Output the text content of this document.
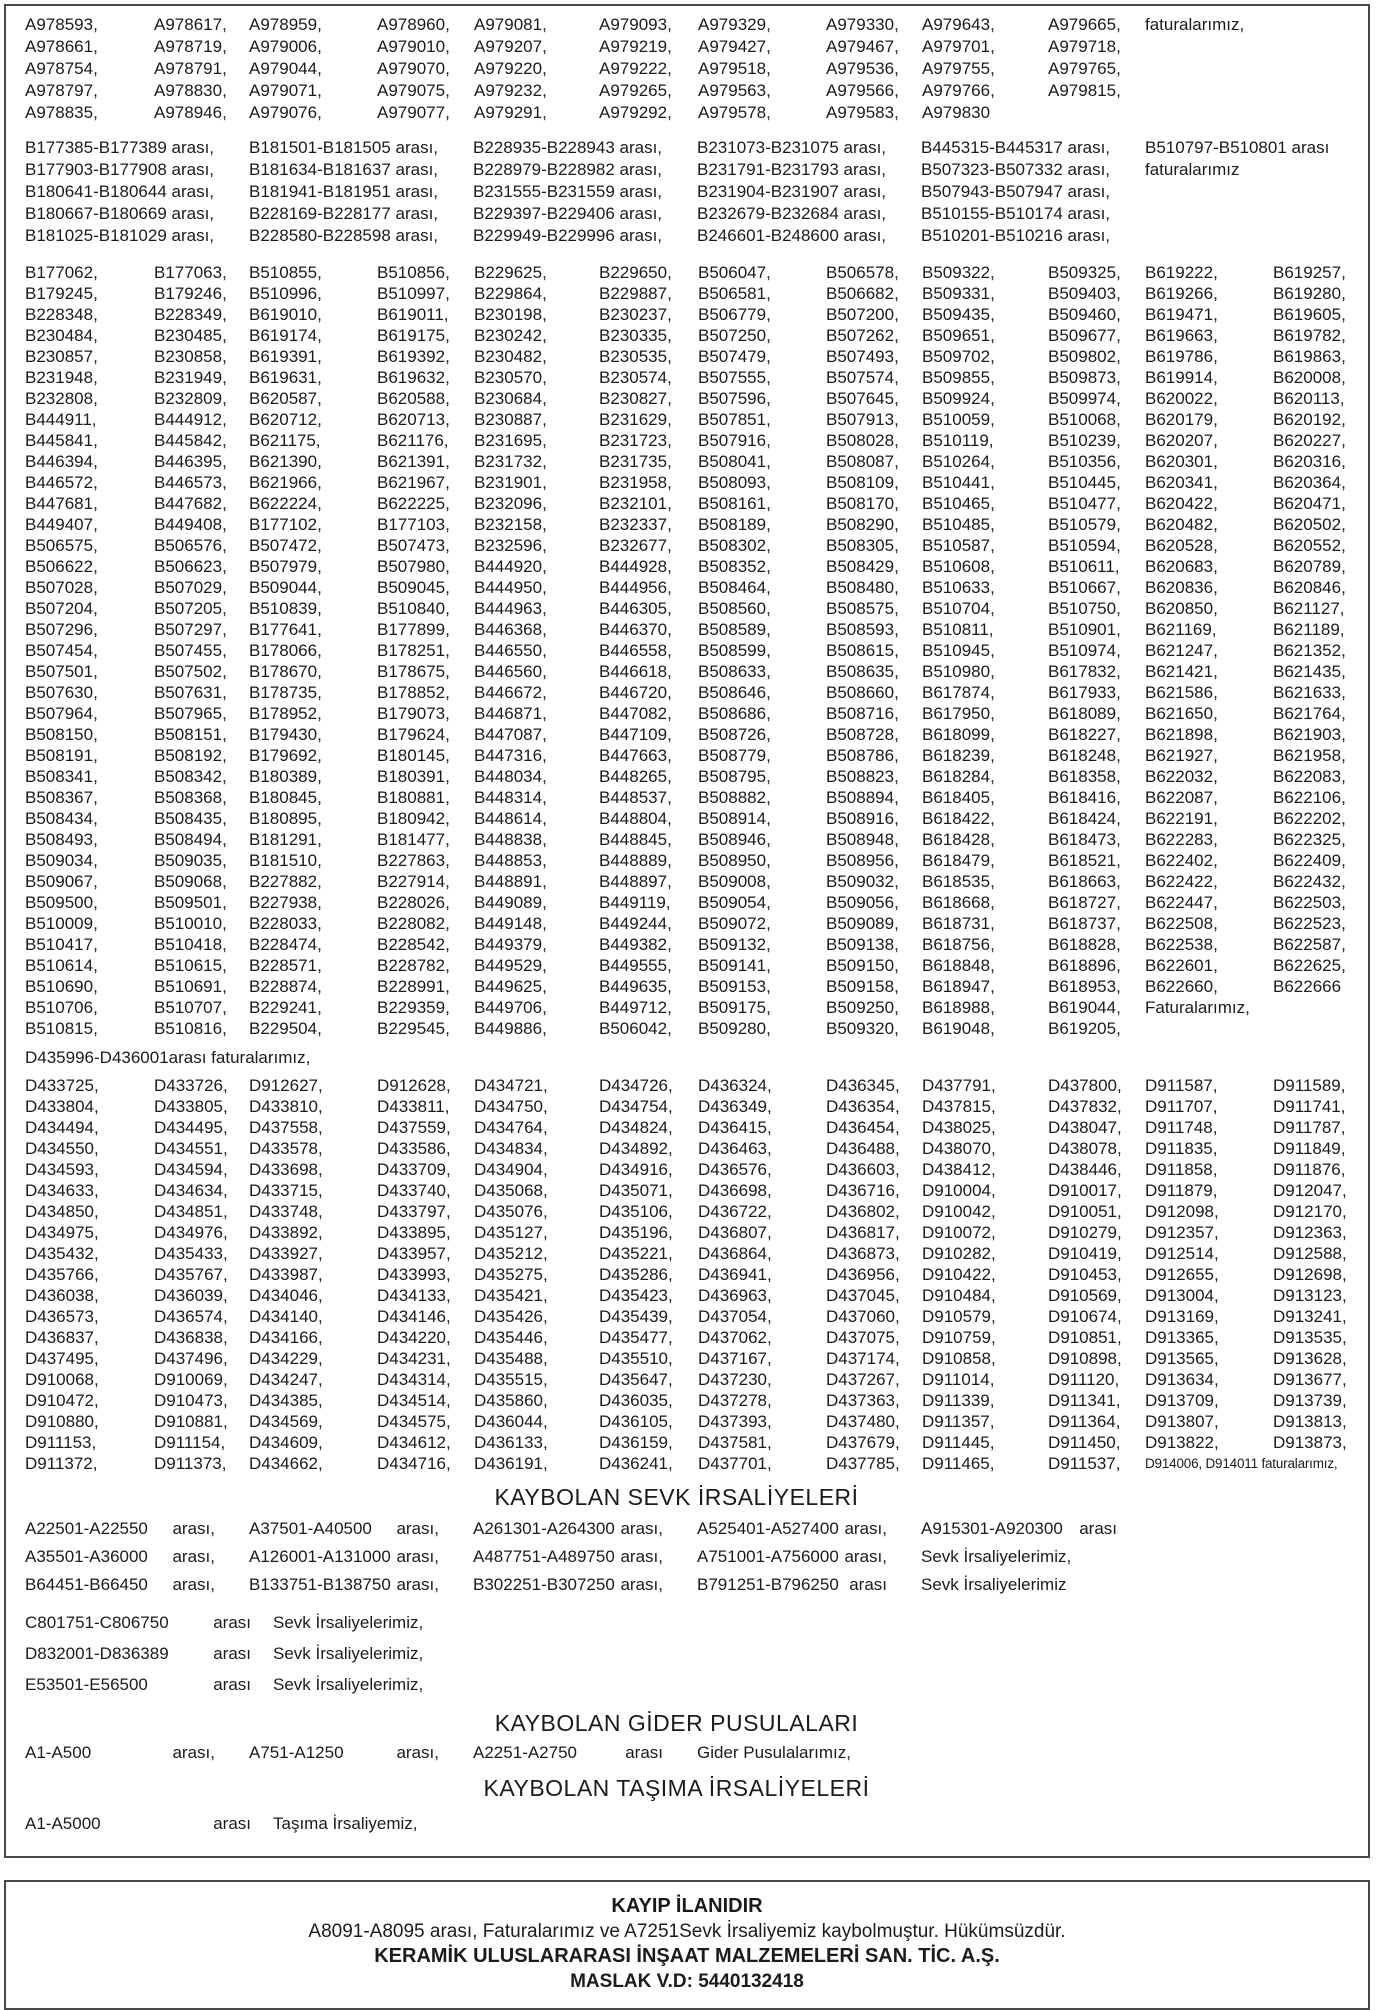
A978593,	A978617,	A978959,	A978960,	A979081,	A979093,	A979329,	A979330,	A979643,	A979665,	faturalarımız,
A978661,	A978719,	A979006,	A979010,	A979207,	A979219,	A979427,	A979467,	A979701,	A979718,
A978754,	A978791,	A979044,	A979070,	A979220,	A979222,	A979518,	A979536,	A979755,	A979765,
A978797,	A978830,	A979071,	A979075,	A979232,	A979265,	A979563,	A979566,	A979766,	A979815,
A978835,	A978946,	A979076,	A979077,	A979291,	A979292,	A979578,	A979583,	A979830
B177385-B177389 arası,	B181501-B181505 arası,	B228935-B228943 arası,	B231073-B231075 arası,	B445315-B445317 arası,	B510797-B510801 arası
B177903-B177908 arası,	B181634-B181637 arası,	B228979-B228982 arası,	B231791-B231793 arası,	B507323-B507332 arası,	faturalarımız
B180641-B180644 arası,	B181941-B181951 arası,	B231555-B231559 arası,	B231904-B231907 arası,	B507943-B507947 arası,
B180667-B180669 arası,	B228169-B228177 arası,	B229397-B229406 arası,	B232679-B232684 arası,	B510155-B510174 arası,
B181025-B181029 arası,	B228580-B228598 arası,	B229949-B229996 arası,	B246601-B248600 arası,	B510201-B510216 arası,
B177062,	B177063,	B510855,	B510856,	B229625,	B229650,	B506047,	B506578,	B509322,	B509325,	B619222,	B619257,
B179245,	B179246,	B510996,	B510997,	B229864,	B229887,	B506581,	B506682,	B509331,	B509403,	B619266,	B619280,
B228348,	B228349,	B619010,	B619011,	B230198,	B230237,	B506779,	B507200,	B509435,	B509460,	B619471,	B619605,
B230484,	B230485,	B619174,	B619175,	B230242,	B230335,	B507250,	B507262,	B509651,	B509677,	B619663,	B619782,
B230857,	B230858,	B619391,	B619392,	B230482,	B230535,	B507479,	B507493,	B509702,	B509802,	B619786,	B619863,
B231948,	B231949,	B619631,	B619632,	B230570,	B230574,	B507555,	B507574,	B509855,	B509873,	B619914,	B620008,
B232808,	B232809,	B620587,	B620588,	B230684,	B230827,	B507596,	B507645,	B509924,	B509974,	B620022,	B620113,
B444911,	B444912,	B620712,	B620713,	B230887,	B231629,	B507851,	B507913,	B510059,	B510068,	B620179,	B620192,
B445841,	B445842,	B621175,	B621176,	B231695,	B231723,	B507916,	B508028,	B510119,	B510239,	B620207,	B620227,
B446394,	B446395,	B621390,	B621391,	B231732,	B231735,	B508041,	B508087,	B510264,	B510356,	B620301,	B620316,
B446572,	B446573,	B621966,	B621967,	B231901,	B231958,	B508093,	B508109,	B510441,	B510445,	B620341,	B620364,
B447681,	B447682,	B622224,	B622225,	B232096,	B232101,	B508161,	B508170,	B510465,	B510477,	B620422,	B620471,
B449407,	B449408,	B177102,	B177103,	B232158,	B232337,	B508189,	B508290,	B510485,	B510579,	B620482,	B620502,
B506575,	B506576,	B507472,	B507473,	B232596,	B232677,	B508302,	B508305,	B510587,	B510594,	B620528,	B620552,
B506622,	B506623,	B507979,	B507980,	B444920,	B444928,	B508352,	B508429,	B510608,	B510611,	B620683,	B620789,
B507028,	B507029,	B509044,	B509045,	B444950,	B444956,	B508464,	B508480,	B510633,	B510667,	B620836,	B620846,
B507204,	B507205,	B510839,	B510840,	B444963,	B446305,	B508560,	B508575,	B510704,	B510750,	B620850,	B621127,
B507296,	B507297,	B177641,	B177899,	B446368,	B446370,	B508589,	B508593,	B510811,	B510901,	B621169,	B621189,
B507454,	B507455,	B178066,	B178251,	B446550,	B446558,	B508599,	B508615,	B510945,	B510974,	B621247,	B621352,
B507501,	B507502,	B178670,	B178675,	B446560,	B446618,	B508633,	B508635,	B510980,	B617832,	B621421,	B621435,
B507630,	B507631,	B178735,	B178852,	B446672,	B446720,	B508646,	B508660,	B617874,	B617933,	B621586,	B621633,
B507964,	B507965,	B178952,	B179073,	B446871,	B447082,	B508686,	B508716,	B617950,	B618089,	B621650,	B621764,
B508150,	B508151,	B179430,	B179624,	B447087,	B447109,	B508726,	B508728,	B618099,	B618227,	B621898,	B621903,
B508191,	B508192,	B179692,	B180145,	B447316,	B447663,	B508779,	B508786,	B618239,	B618248,	B621927,	B621958,
B508341,	B508342,	B180389,	B180391,	B448034,	B448265,	B508795,	B508823,	B618284,	B618358,	B622032,	B622083,
B508367,	B508368,	B180845,	B180881,	B448314,	B448537,	B508882,	B508894,	B618405,	B618416,	B622087,	B622106,
B508434,	B508435,	B180895,	B180942,	B448614,	B448804,	B508914,	B508916,	B618422,	B618424,	B622191,	B622202,
B508493,	B508494,	B181291,	B181477,	B448838,	B448845,	B508946,	B508948,	B618428,	B618473,	B622283,	B622325,
B509034,	B509035,	B181510,	B227863,	B448853,	B448889,	B508950,	B508956,	B618479,	B618521,	B622402,	B622409,
B509067,	B509068,	B227882,	B227914,	B448891,	B448897,	B509008,	B509032,	B618535,	B618663,	B622422,	B622432,
B509500,	B509501,	B227938,	B228026,	B449089,	B449119,	B509054,	B509056,	B618668,	B618727,	B622447,	B622503,
B510009,	B510010,	B228033,	B228082,	B449148,	B449244,	B509072,	B509089,	B618731,	B618737,	B622508,	B622523,
B510417,	B510418,	B228474,	B228542,	B449379,	B449382,	B509132,	B509138,	B618756,	B618828,	B622538,	B622587,
B510614,	B510615,	B228571,	B228782,	B449529,	B449555,	B509141,	B509150,	B618848,	B618896,	B622601,	B622625,
B510690,	B510691,	B228874,	B228991,	B449625,	B449635,	B509153,	B509158,	B618947,	B618953,	B622660,	B622666
B510706,	B510707,	B229241,	B229359,	B449706,	B449712,	B509175,	B509250,	B618988,	B619044,	Faturalarımız,
B510815,	B510816,	B229504,	B229545,	B449886,	B506042,	B509280,	B509320,	B619048,	B619205,
D435996-D436001arası faturalarımız,
D433725,	D433726,	D912627,	D912628,	D434721,	D434726,	D436324,	D436345,	D437791,	D437800,	D911587,	D911589,
D433804,	D433805,	D433810,	D433811,	D434750,	D434754,	D436349,	D436354,	D437815,	D437832,	D911707,	D911741,
D434494,	D434495,	D437558,	D437559,	D434764,	D434824,	D436415,	D436454,	D438025,	D438047,	D911748,	D911787,
D434550,	D434551,	D433578,	D433586,	D434834,	D434892,	D436463,	D436488,	D438070,	D438078,	D911835,	D911849,
D434593,	D434594,	D433698,	D433709,	D434904,	D434916,	D436576,	D436603,	D438412,	D438446,	D911858,	D911876,
D434633,	D434634,	D433715,	D433740,	D435068,	D435071,	D436698,	D436716,	D910004,	D910017,	D911879,	D912047,
D434850,	D434851,	D433748,	D433797,	D435076,	D435106,	D436722,	D436802,	D910042,	D910051,	D912098,	D912170,
D434975,	D434976,	D433892,	D433895,	D435127,	D435196,	D436807,	D436817,	D910072,	D910279,	D912357,	D912363,
D435432,	D435433,	D433927,	D433957,	D435212,	D435221,	D436864,	D436873,	D910282,	D910419,	D912514,	D912588,
D435766,	D435767,	D433987,	D433993,	D435275,	D435286,	D436941,	D436956,	D910422,	D910453,	D912655,	D912698,
D436038,	D436039,	D434046,	D434133,	D435421,	D435423,	D436963,	D437045,	D910484,	D910569,	D913004,	D913123,
D436573,	D436574,	D434140,	D434146,	D435426,	D435439,	D437054,	D437060,	D910579,	D910674,	D913169,	D913241,
D436837,	D436838,	D434166,	D434220,	D435446,	D435477,	D437062,	D437075,	D910759,	D910851,	D913365,	D913535,
D437495,	D437496,	D434229,	D434231,	D435488,	D435510,	D437167,	D437174,	D910858,	D910898,	D913565,	D913628,
D910068,	D910069,	D434247,	D434314,	D435515,	D435647,	D437230,	D437267,	D911014,	D911120,	D913634,	D913677,
D910472,	D910473,	D434385,	D434514,	D435860,	D436035,	D437278,	D437363,	D911339,	D911341,	D913709,	D913739,
D910880,	D910881,	D434569,	D434575,	D436044,	D436105,	D437393,	D437480,	D911357,	D911364,	D913807,	D913813,
D911153,	D911154,	D434609,	D434612,	D436133,	D436159,	D437581,	D437679,	D911445,	D911450,	D913822,	D913873,
D911372,	D911373,	D434662,	D434716,	D436191,	D436241,	D437701,	D437785,	D911465,	D911537,	D914006, D914011 faturalarımız,
KAYBOLAN SEVK İRSALİYELERİ
A22501-A22550 arası, A37501-A40500 arası, A261301-A264300 arası, A525401-A527400 arası, A915301-A920300 arası
A35501-A36000 arası, A126001-A131000 arası, A487751-A489750 arası, A751001-A756000 arası, Sevk İrsaliyelerimiz,
B64451-B66450 arası, B133751-B138750 arası, B302251-B307250 arası, B791251-B796250 arası Sevk İrsaliyelerimiz
C801751-C806750	arası Sevk İrsaliyelerimiz,
D832001-D836389	arası Sevk İrsaliyelerimiz,
E53501-E56500	arası Sevk İrsaliyelerimiz,
KAYBOLAN GİDER PUSULALARI
A1-A500	arası, A751-A1250	arası, A2251-A2750	arası Gider Pusulalarımız,
KAYBOLAN TAŞIMA İRSALİYELERİ
A1-A5000	arası Taşıma İrsaliyemiz,
KAYIP İLANIDIR
A8091-A8095 arası, Faturalarımız ve A7251Sevk İrsaliyemiz kaybolmuştur. Hükümsüzdür.
KERAMİK ULUSLARARASI İNŞAAT MALZEMELERİ SAN. TİC. A.Ş.
MASLAK V.D: 5440132418
